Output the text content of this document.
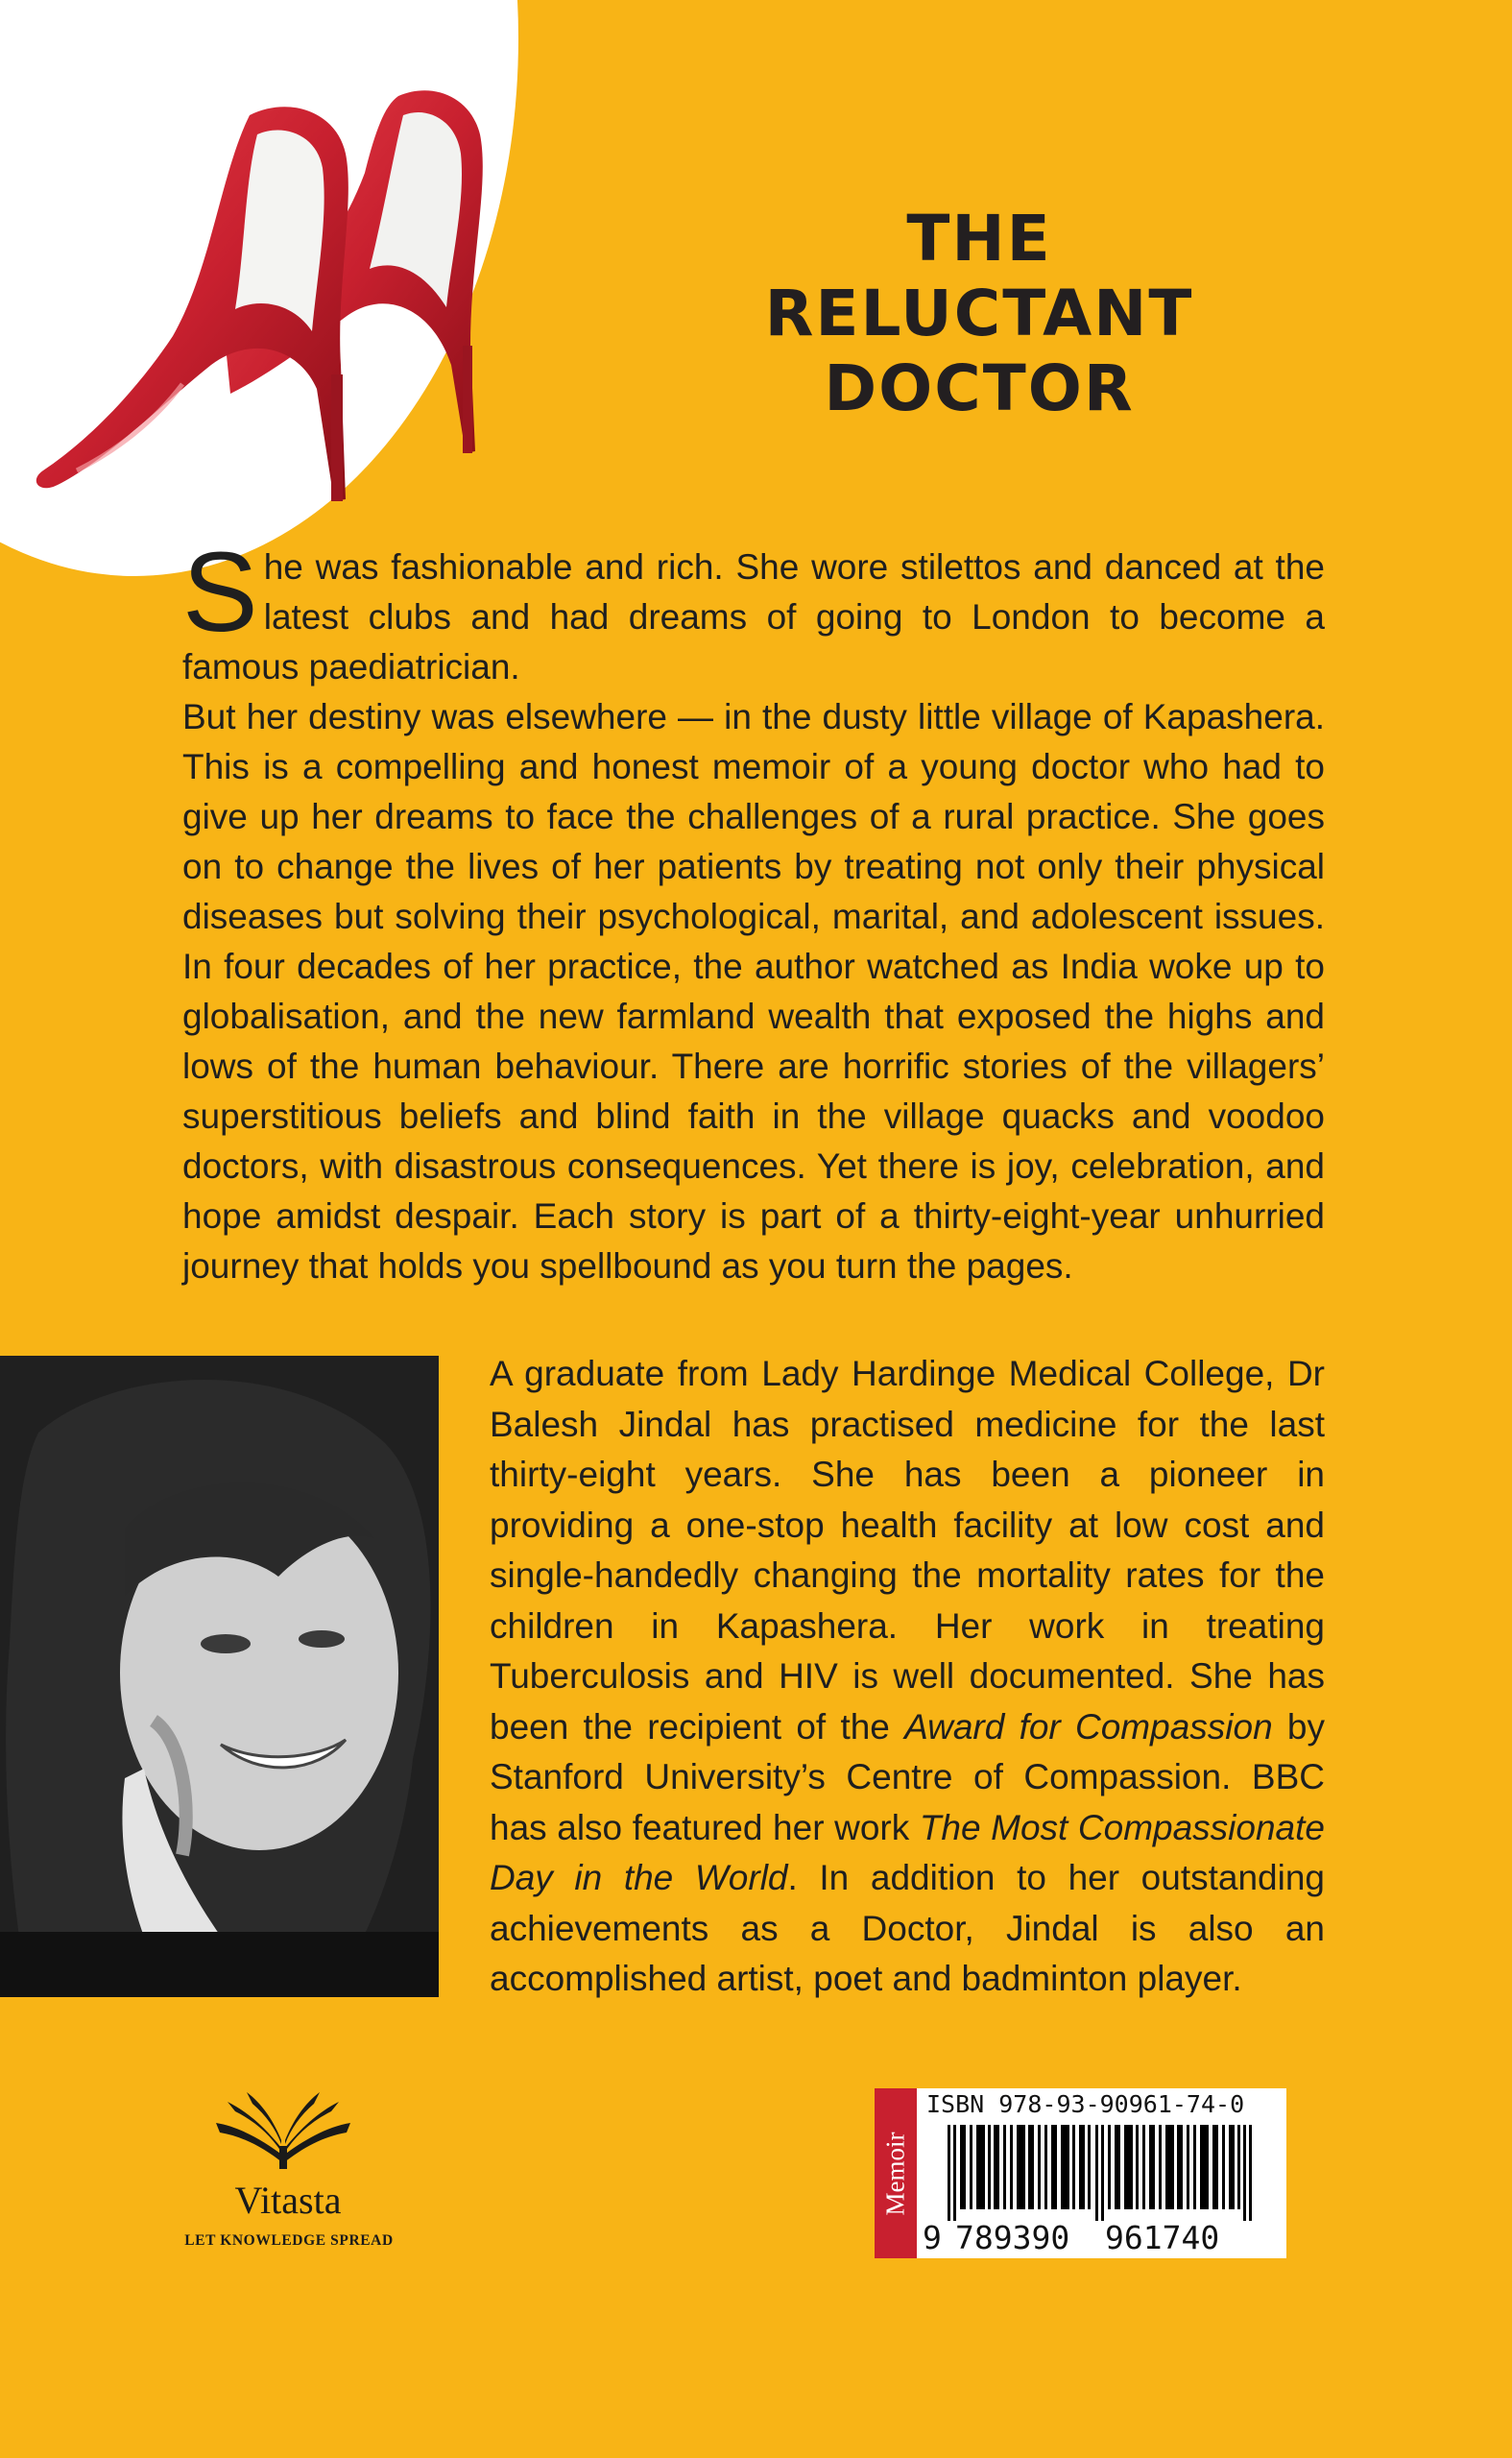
THE
RELUCTANT
DOCTOR

She was fashionable and rich. She wore stilettos and danced at the latest clubs and had dreams of going to London to become a famous paediatrician.

But her destiny was elsewhere — in the dusty little village of Kapashera. This is a compelling and honest memoir of a young doctor who had to give up her dreams to face the challenges of a rural practice. She goes on to change the lives of her patients by treating not only their physical diseases but solving their psychological, marital, and adolescent issues. In four decades of her practice, the author watched as India woke up to globalisation, and the new farmland wealth that exposed the highs and lows of the human behaviour. There are horrific stories of the villagers’ superstitious beliefs and blind faith in the village quacks and voodoo doctors, with disastrous consequences. Yet there is joy, celebration, and hope amidst despair. Each story is part of a thirty-eight-year unhurried journey that holds you spellbound as you turn the pages.

A graduate from Lady Hardinge Medical College, Dr Balesh Jindal has practised medicine for the last thirty-eight years. She has been a pioneer in providing a one-stop health facility at low cost and single-handedly changing the mortality rates for the children in Kapashera. Her work in treating Tuberculosis and HIV is well documented. She has been the recipient of the Award for Compassion by Stanford University’s Centre of Compassion. BBC has also featured her work The Most Compassionate Day in the World. In addition to her outstanding achievements as a Doctor, Jindal is also an accomplished artist, poet and badminton player.

Vitasta
LET KNOWLEDGE SPREAD
Memoir
ISBN 978-93-90961-74-0
9 789390 961740
